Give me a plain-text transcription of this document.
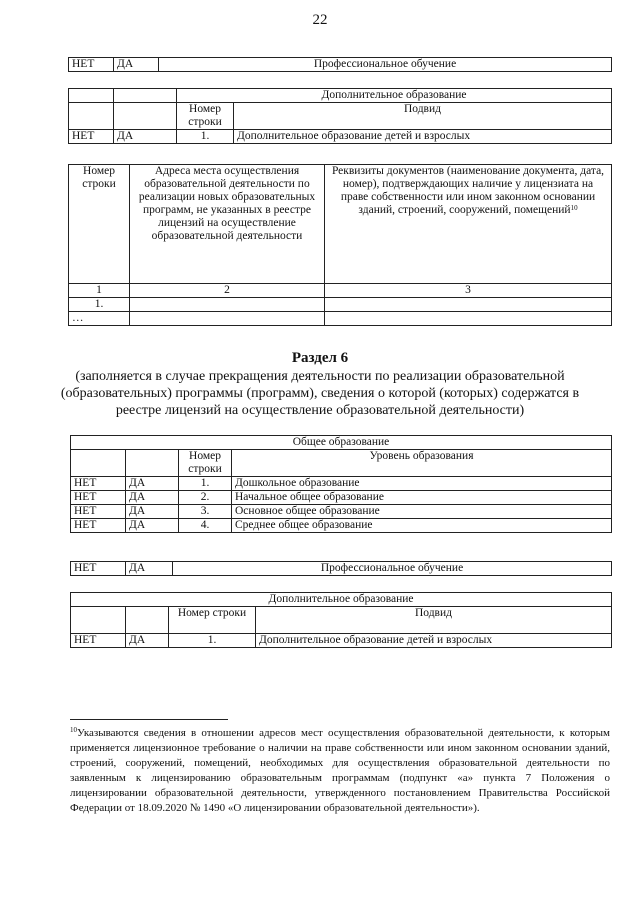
22
НЕТ	ДА	Профессиональное обучение
		Дополнительное образование	
		Номер строки	Подвид
НЕТ	ДА	1.	Дополнительное образование детей и взрослых
Номер строки	Адреса места осуществления образовательной деятельности по реализации новых образовательных программ, не указанных в реестре лицензий на осуществление образовательной деятельности	Реквизиты документов (наименование документа, дата, номер), подтверждающих наличие у лицензиата на праве собственности или ином законном основании зданий, строений, сооружений, помещений$^{10}$
1	2	3
1.		
…		
Раздел 6
(заполняется в случае прекращения деятельности по реализации образовательной (образовательных) программы (программ), сведения о которой (которых) содержатся в реестре лицензий на осуществление образовательной деятельности)
Общее образование			
		Номер строки	Уровень образования
НЕТ	ДА	1.	Дошкольное образование
НЕТ	ДА	2.	Начальное общее образование
НЕТ	ДА	3.	Основное общее образование
НЕТ	ДА	4.	Среднее общее образование
НЕТ	ДА	Профессиональное обучение
Дополнительное образование			
		Номер строки	Подвид
НЕТ	ДА	1.	Дополнительное образование детей и взрослых
$^{10}$Указываются сведения в отношении адресов мест осуществления образовательной деятельности, к которым применяется лицензионное требование о наличии на праве собственности или ином законном основании зданий, строений, сооружений, помещений, необходимых для осуществления образовательной деятельности по заявленным к лицензированию образовательным программам (подпункт «а» пункта 7 Положения о лицензировании образовательной деятельности, утвержденного постановлением Правительства Российской Федерации от 18.09.2020 № 1490 «О лицензировании образовательной деятельности»).
